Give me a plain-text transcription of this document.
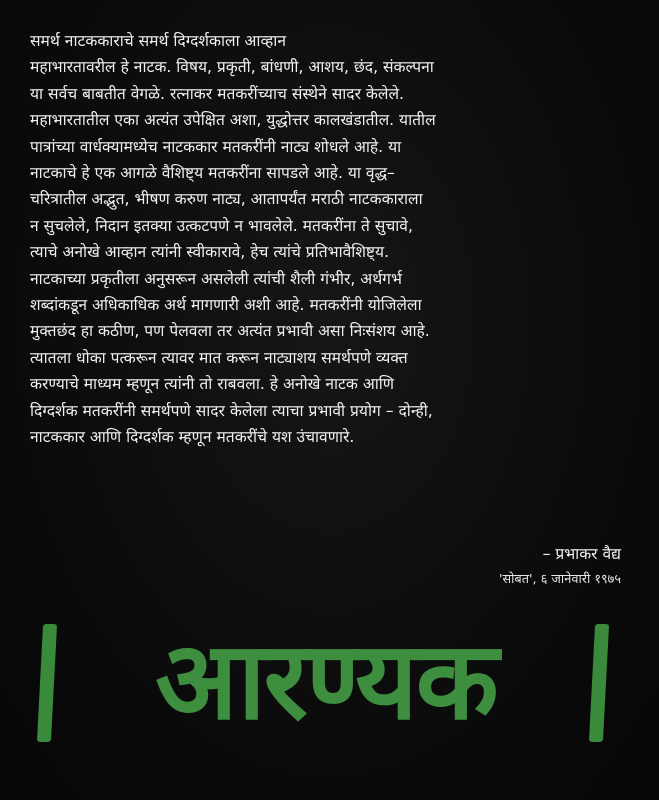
समर्थ नाटककाराचे समर्थ दिग्दर्शकाला आव्हान
महाभारतावरील हे नाटक. विषय, प्रकृती, बांधणी, आशय, छंद, संकल्पना
या सर्वच बाबतीत वेगळे. रत्नाकर मतकरींच्याच संस्थेने सादर केलेले.
महाभारतातील एका अत्यंत उपेक्षित अशा, युद्धोत्तर कालखंडातील. यातील
पात्रांच्या वार्धक्यामध्येच नाटककार मतकरींनी नाट्य शोधले आहे. या
नाटकाचे हे एक आगळे वैशिष्ट्य मतकरींना सापडले आहे. या वृद्ध–
चरित्रातील अद्भुत, भीषण करुण नाट्य, आतापर्यंत मराठी नाटककाराला
न सुचलेले, निदान इतक्या उत्कटपणे न भावलेले. मतकरींना ते सुचावे,
त्याचे अनोखे आव्हान त्यांनी स्वीकारावे, हेच त्यांचे प्रतिभावैशिष्ट्य.
नाटकाच्या प्रकृतीला अनुसरून असलेली त्यांची शैली गंभीर, अर्थगर्भ
शब्दांकडून अधिकाधिक अर्थ मागणारी अशी आहे. मतकरींनी योजिलेला
मुक्तछंद हा कठीण, पण पेलवला तर अत्यंत प्रभावी असा निःसंशय आहे.
त्यातला धोका पत्करून त्यावर मात करून नाट्याशय समर्थपणे व्यक्त
करण्याचे माध्यम म्हणून त्यांनी तो राबवला. हे अनोखे नाटक आणि
दिग्दर्शक मतकरींनी समर्थपणे सादर केलेला त्याचा प्रभावी प्रयोग – दोन्ही,
नाटककार आणि दिग्दर्शक म्हणून मतकरींचे यश उंचावणारे.
– प्रभाकर वैद्य
'सोबत', ६ जानेवारी १९७५
आरण्यक
